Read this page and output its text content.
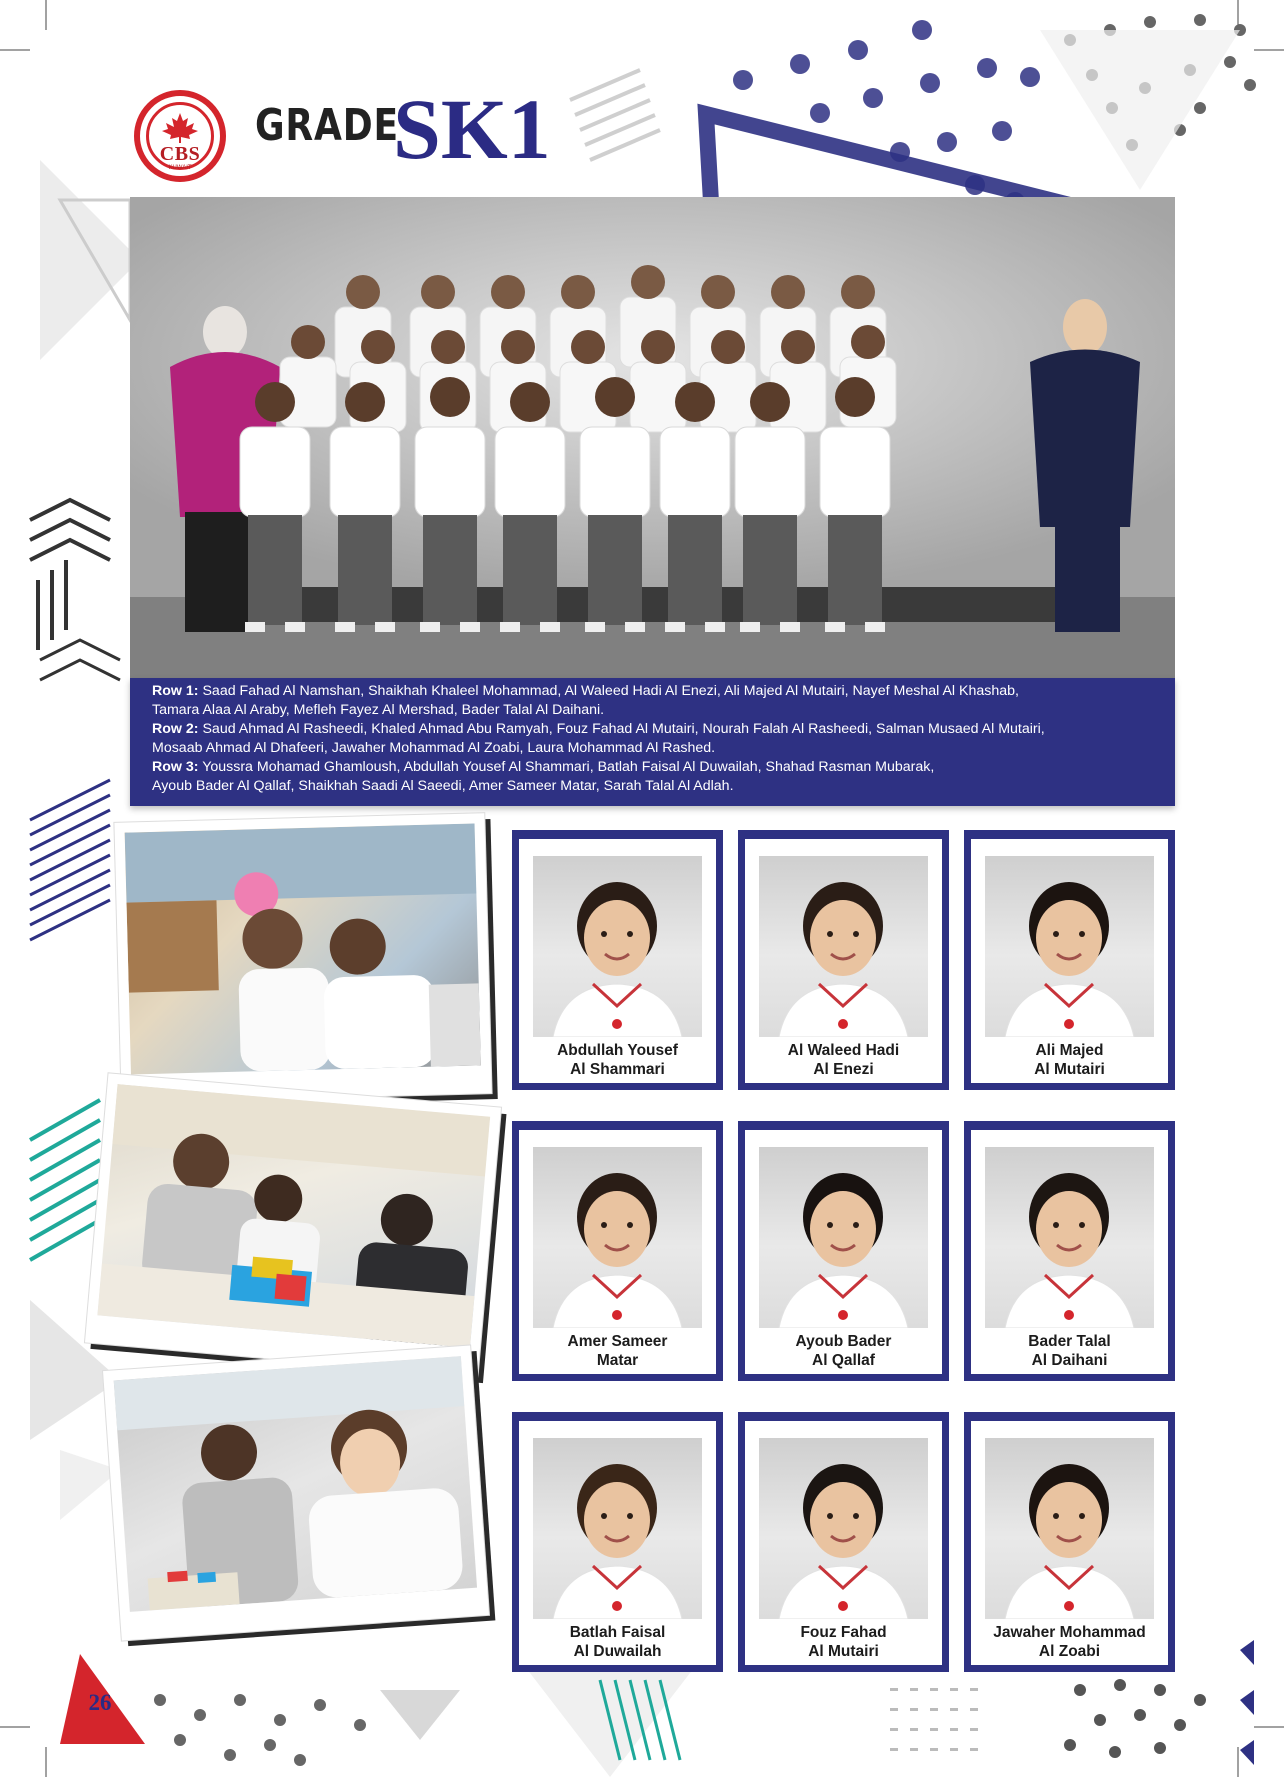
CBS
KUWAIT
GRADE
SK1
Row 1: Saad Fahad Al Namshan, Shaikhah Khaleel Mohammad, Al Waleed Hadi Al Enezi, Ali Majed Al Mutairi, Nayef Meshal Al Khashab,
Tamara Alaa Al Araby, Mefleh Fayez Al Mershad, Bader Talal Al Daihani.
Row 2: Saud Ahmad Al Rasheedi, Khaled Ahmad Abu Ramyah, Fouz Fahad Al Mutairi, Nourah Falah Al Rasheedi, Salman Musaed Al Mutairi,
Mosaab Ahmad Al Dhafeeri, Jawaher Mohammad Al Zoabi, Laura Mohammad Al Rashed.
Row 3: Youssra Mohamad Ghamloush, Abdullah Yousef Al Shammari, Batlah Faisal Al Duwailah, Shahad Rasman Mubarak,
Ayoub Bader Al Qallaf, Shaikhah Saadi Al Saeedi, Amer Sameer Matar, Sarah Talal Al Adlah.
Abdullah Yousef
Al Shammari
Al Waleed Hadi
Al Enezi
Ali Majed
Al Mutairi
Amer Sameer
Matar
Ayoub Bader
Al Qallaf
Bader Talal
Al Daihani
Batlah Faisal
Al Duwailah
Fouz Fahad
Al Mutairi
Jawaher Mohammad
Al Zoabi
26
